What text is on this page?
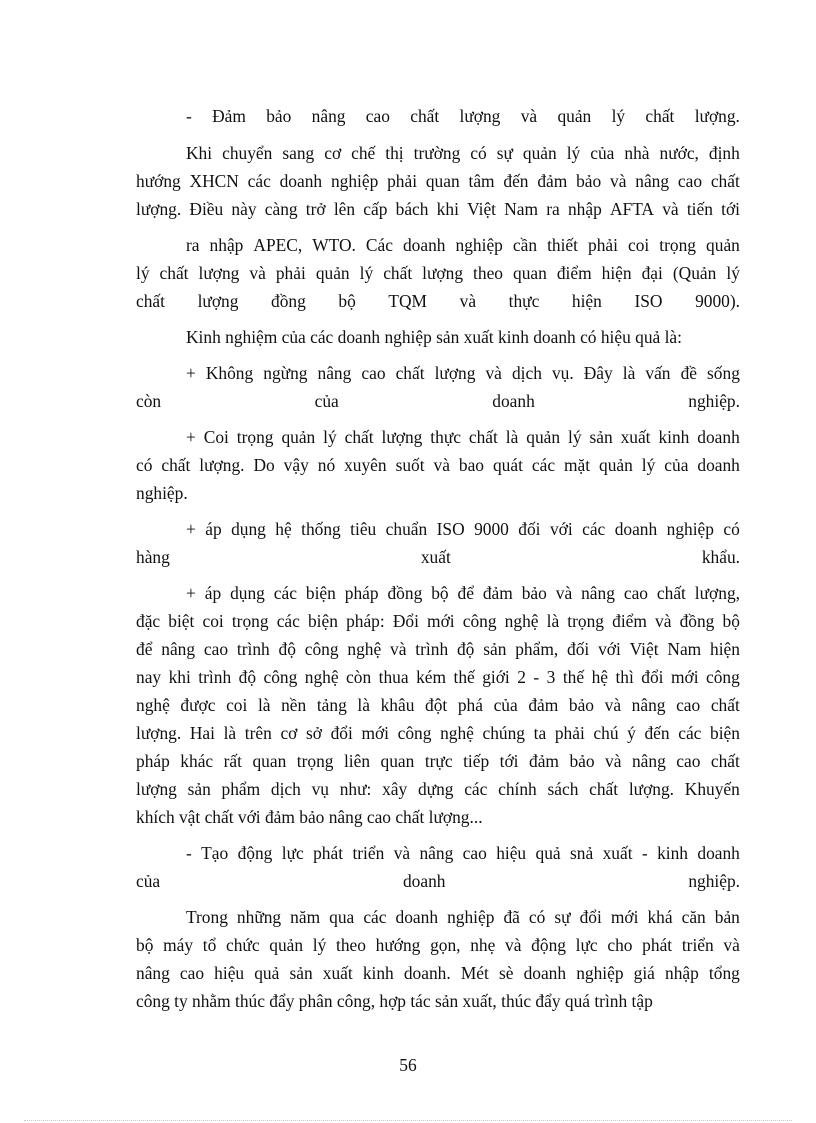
- Đảm bảo nâng cao chất lượng và quản lý chất lượng.
Khi chuyển sang cơ chế thị trường có sự quản lý của nhà nước, định
hướng XHCN các doanh nghiệp phải quan tâm đến đảm bảo và nâng cao chất
lượng. Điều này càng trở lên cấp bách khi Việt Nam ra nhập AFTA và tiến tới
ra nhập APEC, WTO. Các doanh nghiệp cần thiết phải coi trọng quản
lý chất lượng và phải quản lý chất lượng theo quan điểm hiện đại (Quản lý
chất lượng đồng bộ TQM và thực hiện ISO 9000).
Kinh nghiệm của các doanh nghiệp sản xuất kinh doanh có hiệu quả là:
+ Không ngừng nâng cao chất lượng và dịch vụ. Đây là vấn đề sống
còn	của	doanh	nghiệp.
+ Coi trọng quản lý chất lượng thực chất là quản lý sản xuất kinh doanh
có chất lượng. Do vậy nó xuyên suốt và bao quát các mặt quản lý của doanh
nghiệp.
+ áp dụng hệ thống tiêu chuẩn ISO 9000 đối với các doanh nghiệp có
hàng	xuất	khẩu.
+ áp dụng các biện pháp đồng bộ để đảm bảo và nâng cao chất lượng,
đặc biệt coi trọng các biện pháp: Đổi mới công nghệ là trọng điểm và đồng bộ
để nâng cao trình độ công nghệ và trình độ sản phẩm, đối với Việt Nam hiện
nay khi trình độ công nghệ còn thua kém thế giới 2 - 3 thế hệ thì đổi mới công
nghệ được coi là nền tảng là khâu đột phá của đảm bảo và nâng cao chất
lượng. Hai là trên cơ sở đổi mới công nghệ chúng ta phải chú ý đến các biện
pháp khác rất quan trọng liên quan trực tiếp tới đảm bảo và nâng cao chất
lượng sản phẩm dịch vụ như: xây dựng các chính sách chất lượng. Khuyến
khích vật chất với đảm bảo nâng cao chất lượng...
- Tạo động lực phát triển và nâng cao hiệu quả snả xuất - kinh doanh
của	doanh	nghiệp.
Trong những năm qua các doanh nghiệp đã có sự đổi mới khá căn bản
bộ máy tổ chức quản lý theo hướng gọn, nhẹ và động lực cho phát triển và
nâng cao hiệu quả sản xuất kinh doanh. Mét sè doanh nghiệp giá nhập tổng
công ty nhằm thúc đẩy phân công, hợp tác sản xuất, thúc đẩy quá trình tập
56
